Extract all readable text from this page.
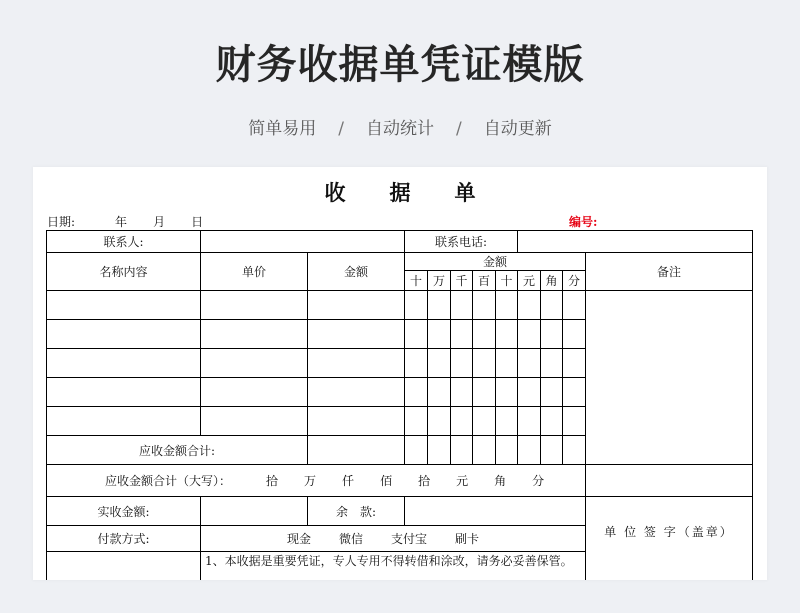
财务收据单凭证模版
简单易用 / 自动统计 / 自动更新
收 据 单
日期:	年 月 日	编号:
联系人:			联系电话:								
名称内容	单价	金额	金额								备注
			十	万	千	百	十	元	角	分	

应收金额合计:											
应收金额合计（大写）： 拾 万 仟 佰 拾 元 角 分											
实收金额:		余　款:									单 位 签 字（盖章）

付款方式:	现金 微信 支付宝 刷卡										
	1、本收据是重要凭证，专人专用不得转借和涂改，请务必妥善保管。										
